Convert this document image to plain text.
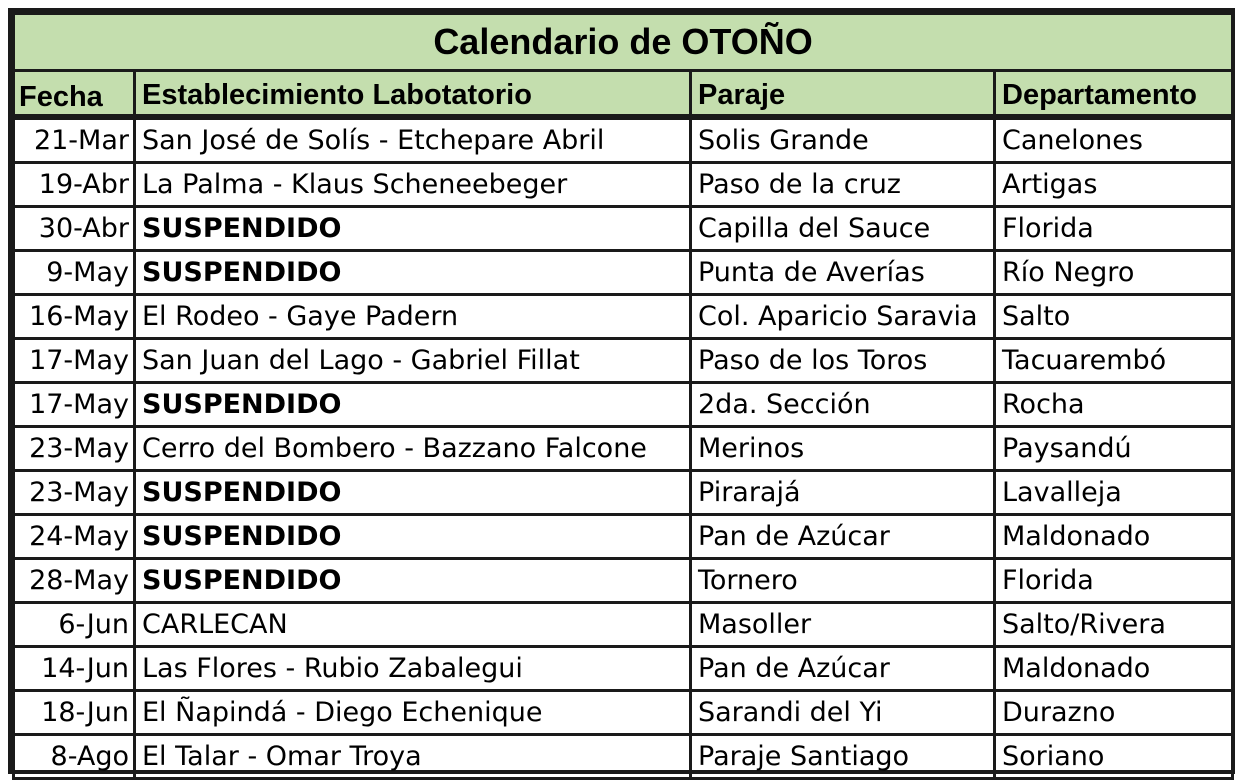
Calendario de OTOÑO			
Fecha	Establecimiento Labotatorio	Paraje	Departamento
21-Mar	San José de Solís - Etchepare Abril	Solis Grande	Canelones
19-Abr	La Palma - Klaus Scheneebeger	Paso de la cruz	Artigas
30-Abr	SUSPENDIDO	Capilla del Sauce	Florida
9-May	SUSPENDIDO	Punta de Averías	Río Negro
16-May	El Rodeo - Gaye Padern	Col. Aparicio Saravia	Salto
17-May	San Juan del Lago - Gabriel Fillat	Paso de los Toros	Tacuarembó
17-May	SUSPENDIDO	2da. Sección	Rocha
23-May	Cerro del Bombero - Bazzano Falcone	Merinos	Paysandú
23-May	SUSPENDIDO	Pirarajá	Lavalleja
24-May	SUSPENDIDO	Pan de Azúcar	Maldonado
28-May	SUSPENDIDO	Tornero	Florida
6-Jun	CARLECAN	Masoller	Salto/Rivera
14-Jun	Las Flores - Rubio Zabalegui	Pan de Azúcar	Maldonado
18-Jun	El Ñapindá - Diego Echenique	Sarandi del Yi	Durazno
8-Ago	El Talar - Omar Troya	Paraje Santiago	Soriano
